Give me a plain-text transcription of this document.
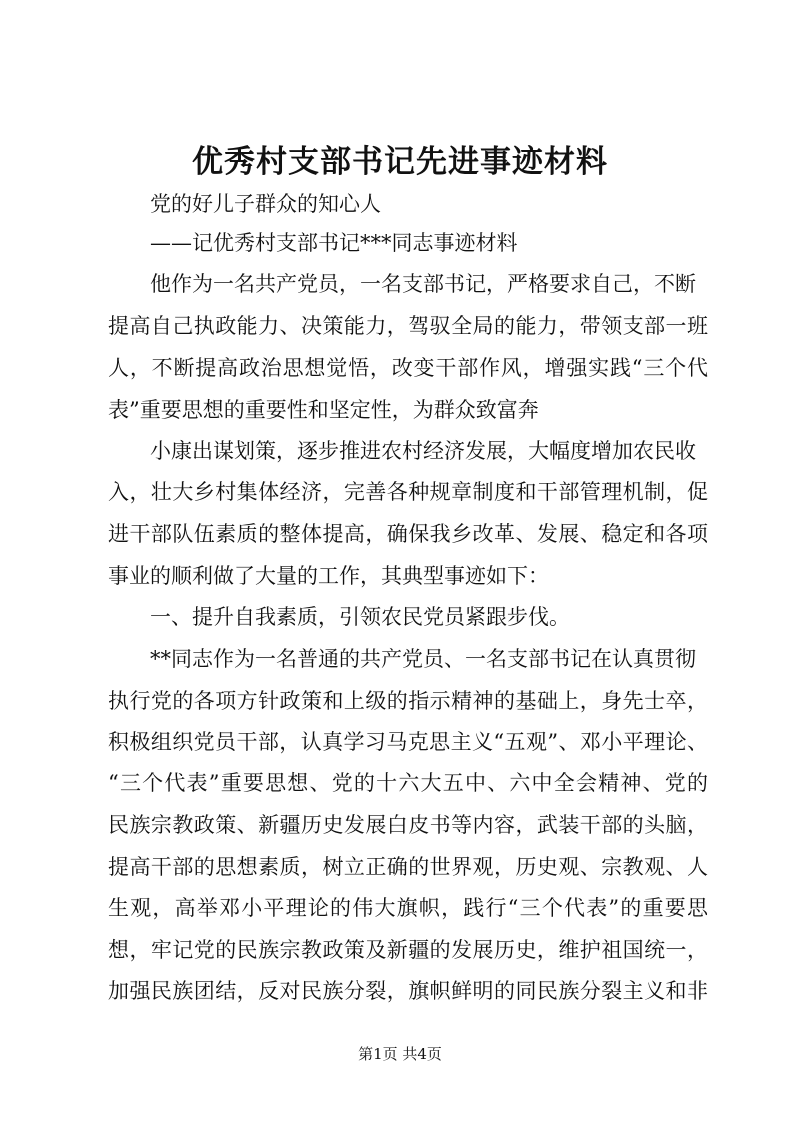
优秀村支部书记先进事迹材料

党的好儿子群众的知心人

——记优秀村支部书记***同志事迹材料

他作为一名共产党员，一名支部书记，严格要求自己，不断

提高自己执政能力、决策能力，驾驭全局的能力，带领支部一班

人，不断提高政治思想觉悟，改变干部作风，增强实践“三个代

表”重要思想的重要性和坚定性，为群众致富奔

小康出谋划策，逐步推进农村经济发展，大幅度增加农民收

入，壮大乡村集体经济，完善各种规章制度和干部管理机制，促

进干部队伍素质的整体提高，确保我乡改革、发展、稳定和各项

事业的顺利做了大量的工作，其典型事迹如下：

一、提升自我素质，引领农民党员紧跟步伐。

**同志作为一名普通的共产党员、一名支部书记在认真贯彻

执行党的各项方针政策和上级的指示精神的基础上，身先士卒，

积极组织党员干部，认真学习马克思主义“五观”、邓小平理论、

“三个代表”重要思想、党的十六大五中、六中全会精神、党的

民族宗教政策、新疆历史发展白皮书等内容，武装干部的头脑，

提高干部的思想素质，树立正确的世界观，历史观、宗教观、人

生观，高举邓小平理论的伟大旗帜，践行“三个代表”的重要思

想，牢记党的民族宗教政策及新疆的发展历史，维护祖国统一，

加强民族团结，反对民族分裂，旗帜鲜明的同民族分裂主义和非

第1页 共4页
